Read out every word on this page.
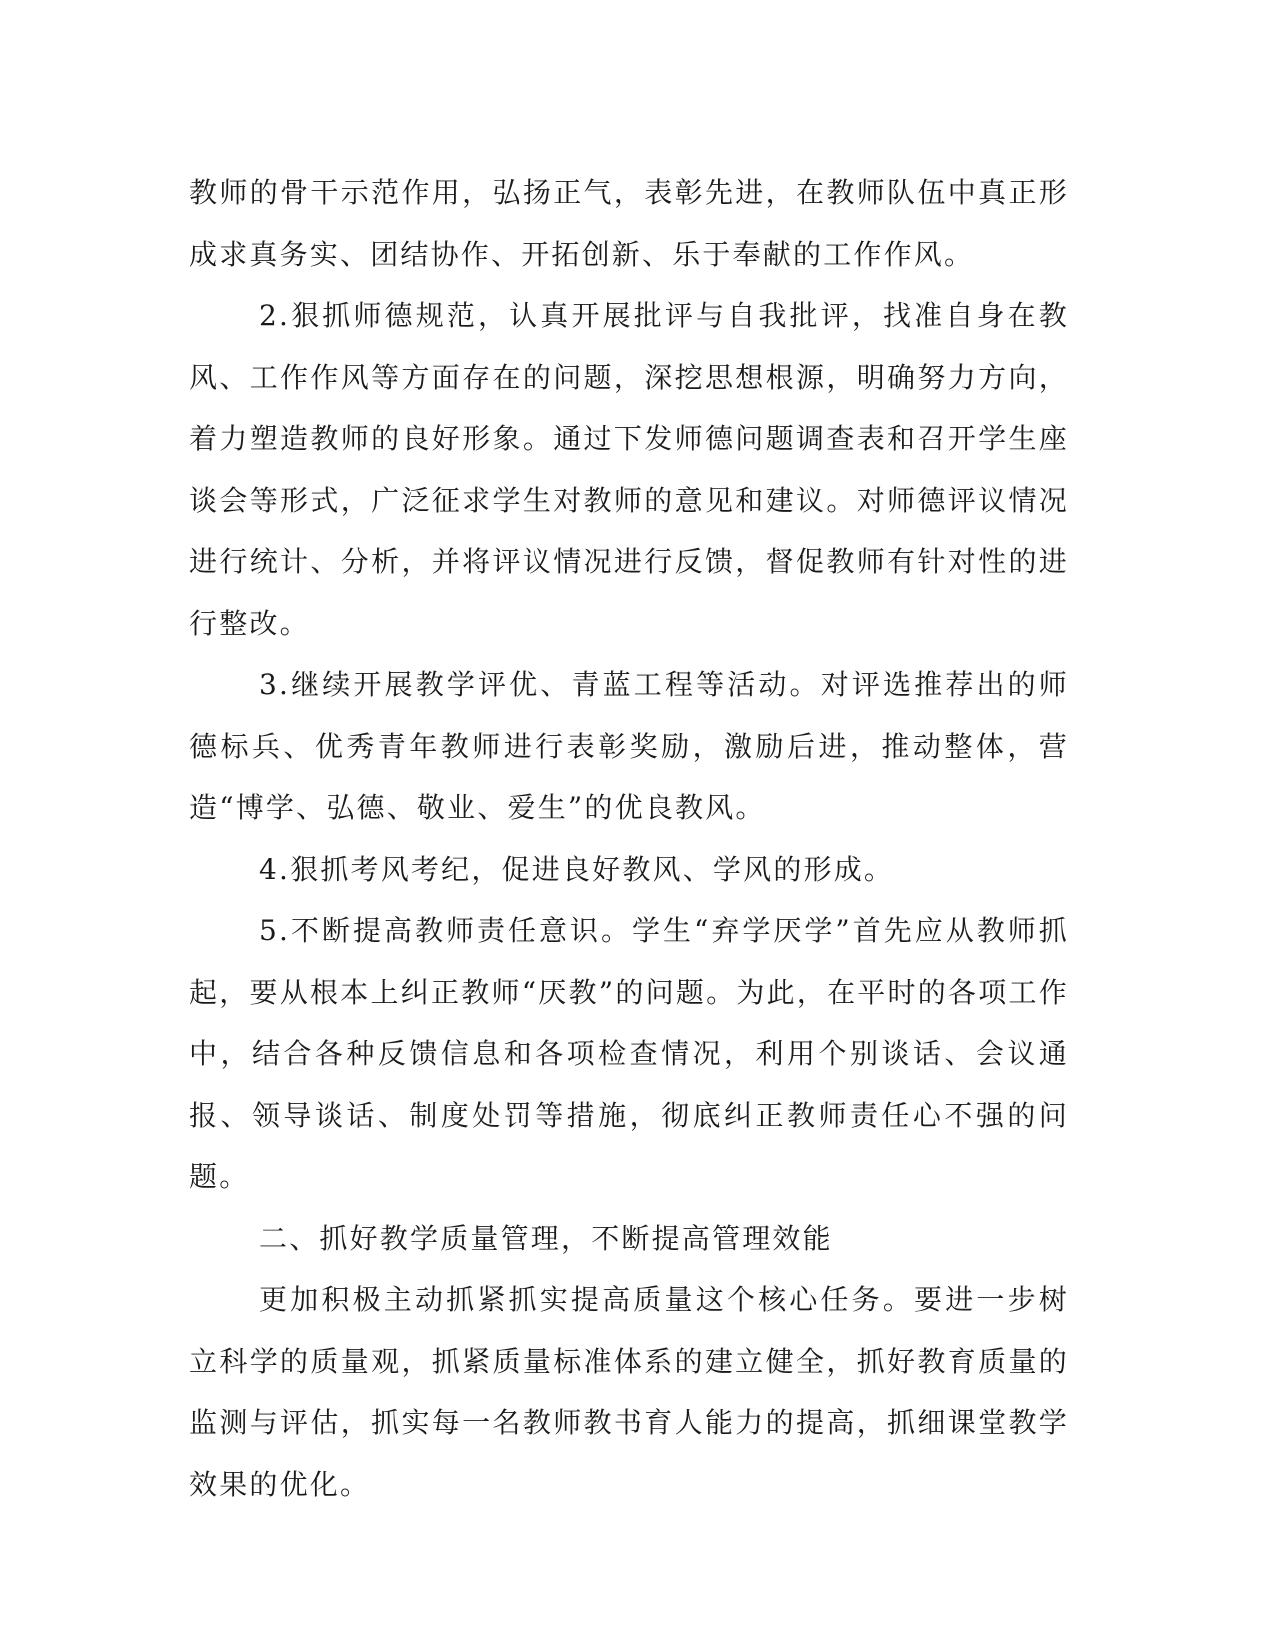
教师的骨干示范作用，弘扬正气，表彰先进，在教师队伍中真正形成求真务实、团结协作、开拓创新、乐于奉献的工作作风。

2.狠抓师德规范，认真开展批评与自我批评，找准自身在教风、工作作风等方面存在的问题，深挖思想根源，明确努力方向，着力塑造教师的良好形象。通过下发师德问题调查表和召开学生座谈会等形式，广泛征求学生对教师的意见和建议。对师德评议情况进行统计、分析，并将评议情况进行反馈，督促教师有针对性的进行整改。

3.继续开展教学评优、青蓝工程等活动。对评选推荐出的师德标兵、优秀青年教师进行表彰奖励，激励后进，推动整体，营造“博学、弘德、敬业、爱生”的优良教风。

4.狠抓考风考纪，促进良好教风、学风的形成。

5.不断提高教师责任意识。学生“弃学厌学”首先应从教师抓起，要从根本上纠正教师“厌教”的问题。为此，在平时的各项工作中，结合各种反馈信息和各项检查情况，利用个别谈话、会议通报、领导谈话、制度处罚等措施，彻底纠正教师责任心不强的问题。

二、抓好教学质量管理，不断提高管理效能

更加积极主动抓紧抓实提高质量这个核心任务。要进一步树立科学的质量观，抓紧质量标准体系的建立健全，抓好教育质量的监测与评估，抓实每一名教师教书育人能力的提高，抓细课堂教学效果的优化。
